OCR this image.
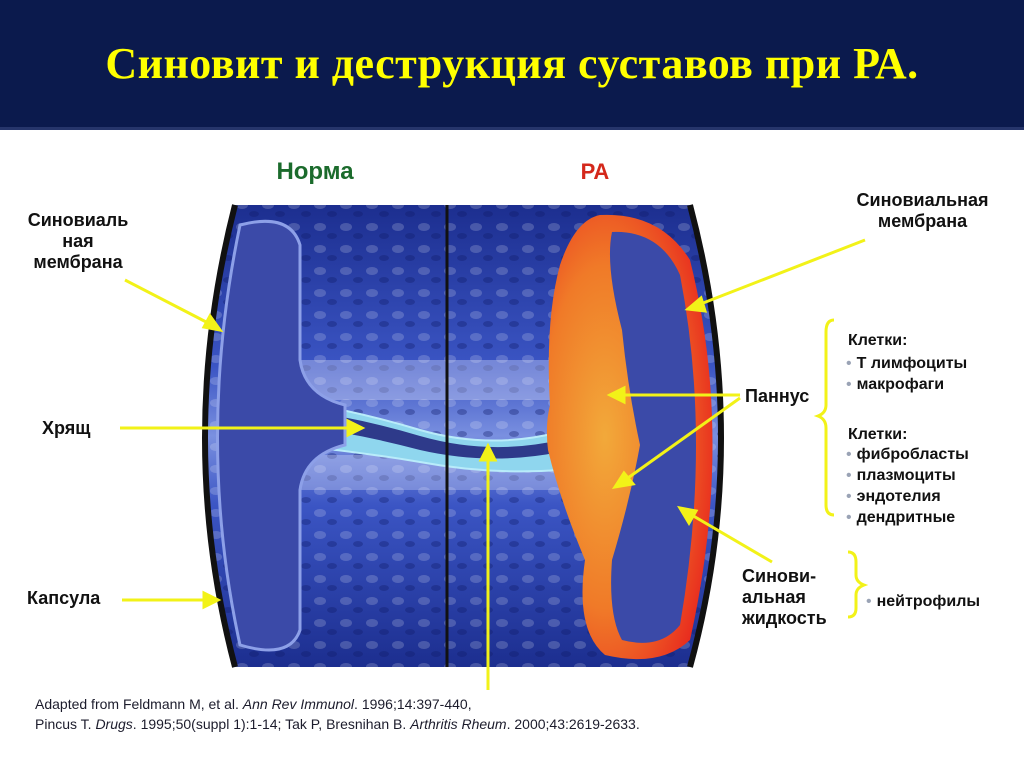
Синовит и деструкция суставов при РА.
Норма	РА
Синовиаль
ная
мембрана
Хрящ
Капсула
Синовиальная
мембрана
Паннус
Синови-
альная
жидкость
Клетки:
• Т лимфоциты
• макрофаги
Клетки:
• фибробласты
• плазмоциты
• эндотелия
• дендритные
• нейтрофилы
Adapted from Feldmann M, et al. Ann Rev Immunol. 1996;14:397-440,
Pincus T. Drugs. 1995;50(suppl 1):1-14; Tak P, Bresnihan B. Arthritis Rheum. 2000;43:2619-2633.
